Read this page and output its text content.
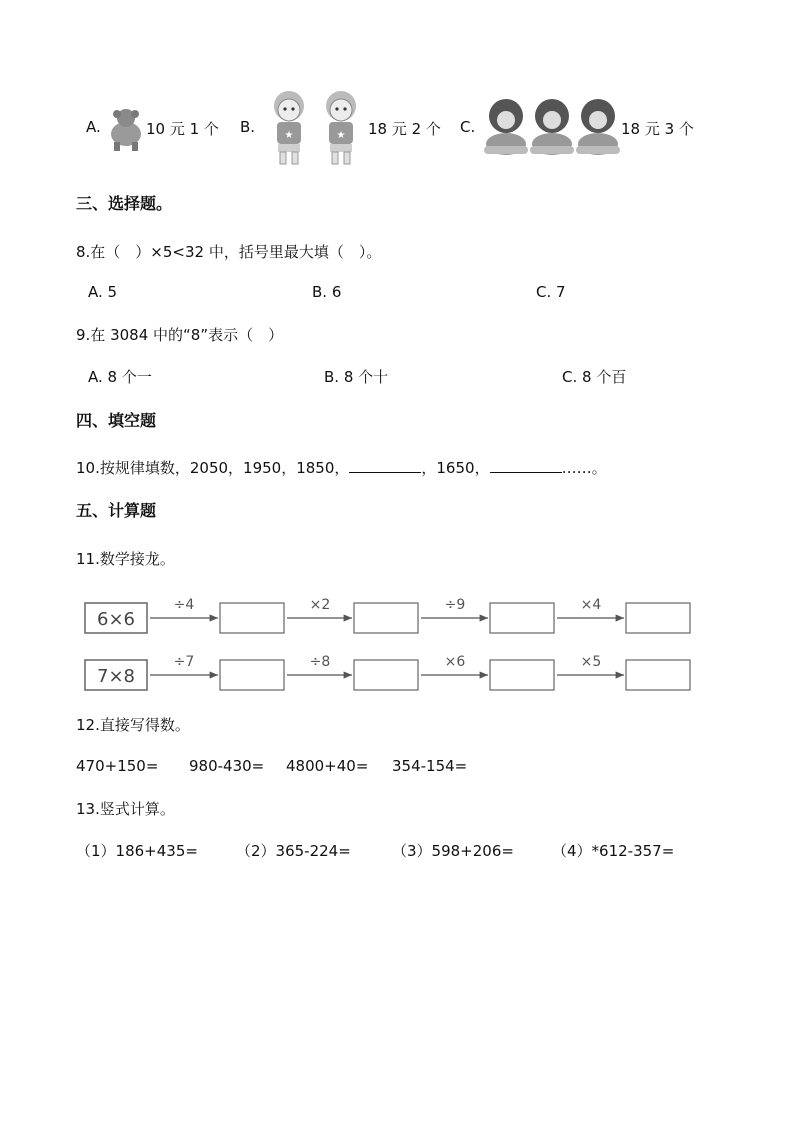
A.	10 元 1 个 B.	★	★ 18 元 2 个 C.	18 元 3 个
三、选择题。
8.在（　）×5<32 中，括号里最大填（　）。
A. 5	B. 6	C. 7
9.在 3084 中的“8”表示（　）
A. 8 个一	B. 8 个十	C. 8 个百
四、填空题
10.按规律填数，2050，1950，1850，	，1650，	……。
五、计算题
11.数学接龙。
6×6
÷4	×2	÷9	×4
7×8
÷7	÷8	×6	×5
12.直接写得数。
470+150= 980-430= 4800+40= 354-154=
13.竖式计算。
（1）186+435=	（2）365-224=	（3）598+206=	（4）*612-357=
